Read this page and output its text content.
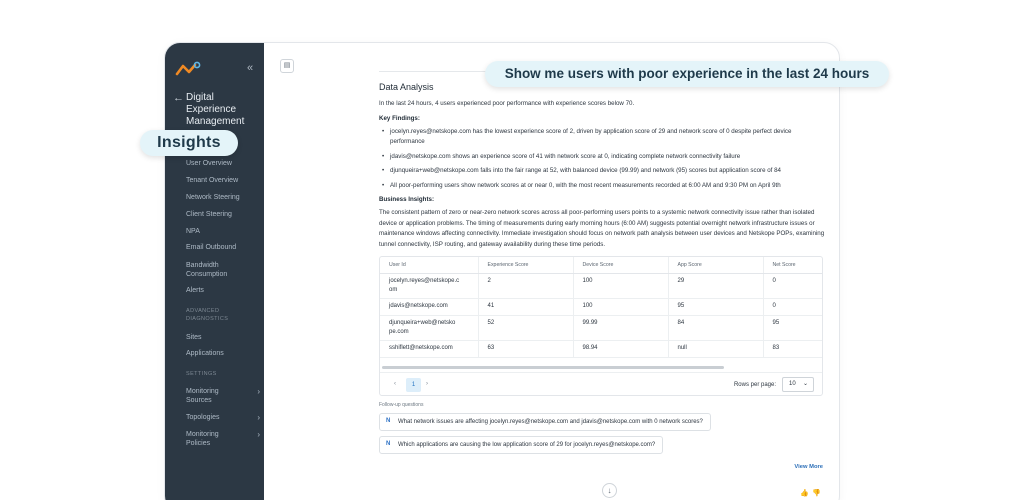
«
← Digital Experience Management
User Overview
Tenant Overview
Network Steering
Client Steering
NPA
Email Outbound
Bandwidth Consumption
Alerts
ADVANCED DIAGNOSTICS
Sites
Applications
SETTINGS
Monitoring Sources
›
Topologies	›
Monitoring Policies
›
▤
Data Analysis
In the last 24 hours, 4 users experienced poor performance with experience scores below 70.
Key Findings:
• jocelyn.reyes@netskope.com has the lowest experience score of 2, driven by application score of 29 and network score of 0 despite perfect device performance
• jdavis@netskope.com shows an experience score of 41 with network score at 0, indicating complete network connectivity failure
• djunqueira+web@netskope.com falls into the fair range at 52, with balanced device (99.99) and network (95) scores but application score of 84
• All poor-performing users show network scores at or near 0, with the most recent measurements recorded at 6:00 AM and 9:30 PM on April 9th
Business Insights:
The consistent pattern of zero or near-zero network scores across all poor-performing users points to a systemic network connectivity issue rather than isolated device or application problems. The timing of measurements during early morning hours (6:00 AM) suggests potential overnight network infrastructure issues or maintenance windows affecting connectivity. Immediate investigation should focus on network path analysis between user devices and Netskope POPs, examining tunnel connectivity, ISP routing, and gateway availability during these time periods.
User Id	Experience Score	Device Score	App Score	Net Score
jocelyn.reyes@netskope.c
om	2	100	29	0
jdavis@netskope.com	41	100	95	0
djunqueira+web@netsko
pe.com	52	99.99	84	95
sshiflett@netskope.com	63	98.94	null	83
‹	1	›	Rows per page:	10 ⌄
Follow-up questions
N	What network issues are affecting jocelyn.reyes@netskope.com and jdavis@netskope.com with 0 network scores?
N	Which applications are causing the low application score of 29 for jocelyn.reyes@netskope.com?
View More
↓	👍 👎
Insights
Show me users with poor experience in the last 24 hours
